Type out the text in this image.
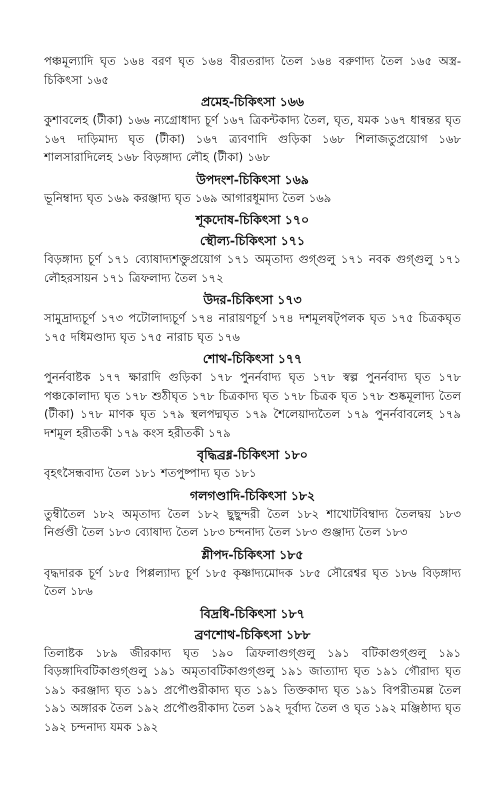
পঞ্চমূল্যাদি ঘৃত ১৬৪ বরণ ঘৃত ১৬৪ বীরতরাদ্য তৈল ১৬৪ বরুণাদ্য তৈল ১৬৫ অস্ত্র-চিকিৎসা ১৬৫

প্রমেহ-চিকিৎসা ১৬৬

কুশাবলেহ (টীকা) ১৬৬ ন্যগ্রোধাদ্য চূর্ণ ১৬৭ ত্রিকন্টকাদ্য তৈল, ঘৃত, যমক ১৬৭ ধান্বন্তর ঘৃত ১৬৭ দাড়িমাদ্য ঘৃত (টীকা) ১৬৭ ত্র্যবণাদি গুড়িকা ১৬৮ শিলাজতুপ্রয়োগ ১৬৮ শালসারাদিলেহ ১৬৮ বিড়ঙ্গাদ্য লৌহ (টীকা) ১৬৮

উপদংশ-চিকিৎসা ১৬৯

ভূনিম্বাদ্য ঘৃত ১৬৯ করঞ্জাদ্য ঘৃত ১৬৯ আগারধূমাদ্য তৈল ১৬৯

শূকদোষ-চিকিৎসা ১৭০
স্থৌল্য-চিকিৎসা ১৭১

বিড়ঙ্গাদ্য চূর্ণ ১৭১ ব্যোষাদ্যশক্তুপ্রয়োগ ১৭১ অমৃতাদ্য গুগ্‌গুলু ১৭১ নবক গুগ্‌গুলু ১৭১ লৌহরসায়ন ১৭১ ত্রিফলাদ্য তৈল ১৭২

উদর-চিকিৎসা ১৭৩

সামুদ্রাদ্যচূর্ণ ১৭৩ পটোলাদ্যচূর্ণ ১৭৪ নারায়ণচূর্ণ ১৭৪ দশমূলষট্‌পলক ঘৃত ১৭৫ চিত্রকঘৃত ১৭৫ দধিমণ্ডাদ্য ঘৃত ১৭৫ নারাচ ঘৃত ১৭৬

শোথ-চিকিৎসা ১৭৭

পুনর্নবাষ্টক ১৭৭ ক্ষারাদি গুড়িকা ১৭৮ পুনর্নবাদ্য ঘৃত ১৭৮ স্বল্প পুনর্নবাদ্য ঘৃত ১৭৮ পঞ্চকোলাদ্য ঘৃত ১৭৮ শুঠীঘৃত ১৭৮ চিত্রকাদ্য ঘৃত ১৭৮ চিত্রক ঘৃত ১৭৮ শুষ্কমূলাদ্য তৈল (টীকা) ১৭৮ মাণক ঘৃত ১৭৯ স্থলপদ্মঘৃত ১৭৯ শৈলেয়াদ্যতৈল ১৭৯ পুনর্নবাবলেহ ১৭৯ দশমূল হরীতকী ১৭৯ কংস হরীতকী ১৭৯

বৃদ্ধিব্রধ্ন-চিকিৎসা ১৮০

বৃহৎসৈন্ধবাদ্য তৈল ১৮১ শতপুষ্পাদ্য ঘৃত ১৮১

গলগণ্ডাদি-চিকিৎসা ১৮২

তুম্বীতৈল ১৮২ অমৃতাদ্য তৈল ১৮২ ছুছুন্দরী তৈল ১৮২ শাখোটবিম্বাদ্য তৈলদ্বয় ১৮৩ নির্গুণ্ডী তৈল ১৮৩ ব্যোষাদ্য তৈল ১৮৩ চন্দনাদ্য তৈল ১৮৩ গুঞ্জাদ্য তৈল ১৮৩

শ্লীপদ-চিকিৎসা ১৮৫

বৃদ্ধদারক চূর্ণ ১৮৫ পিপ্পল্যাদ্য চূর্ণ ১৮৫ কৃষ্ণাদ্যমোদক ১৮৫ সৌরেশ্বর ঘৃত ১৮৬ বিড়ঙ্গাদ্য তৈল ১৮৬

বিদ্রধি-চিকিৎসা ১৮৭
ব্রণশোথ-চিকিৎসা ১৮৮

তিলাষ্টক ১৮৯ জীরকাদ্য ঘৃত ১৯০ ত্রিফলাগুগ্‌গুলু ১৯১ বটিকাগুগ্‌গুলু ১৯১ বিড়ঙ্গাদিবটিকাগুগ্‌গুলু ১৯১ অমৃতাবটিকাগুগ্‌গুলু ১৯১ জাত্যাদ্য ঘৃত ১৯১ গৌরাদ্য ঘৃত ১৯১ করঞ্জাদ্য ঘৃত ১৯১ প্রপৌণ্ডরীকাদ্য ঘৃত ১৯১ তিক্তকাদ্য ঘৃত ১৯১ বিপরীতমল্ল তৈল ১৯১ অঙ্গারক তৈল ১৯২ প্রপৌণ্ডরীকাদ্য তৈল ১৯২ দূর্বাদ্য তৈল ও ঘৃত ১৯২ মঞ্জিষ্ঠাদ্য ঘৃত ১৯২ চন্দনাদ্য যমক ১৯২
